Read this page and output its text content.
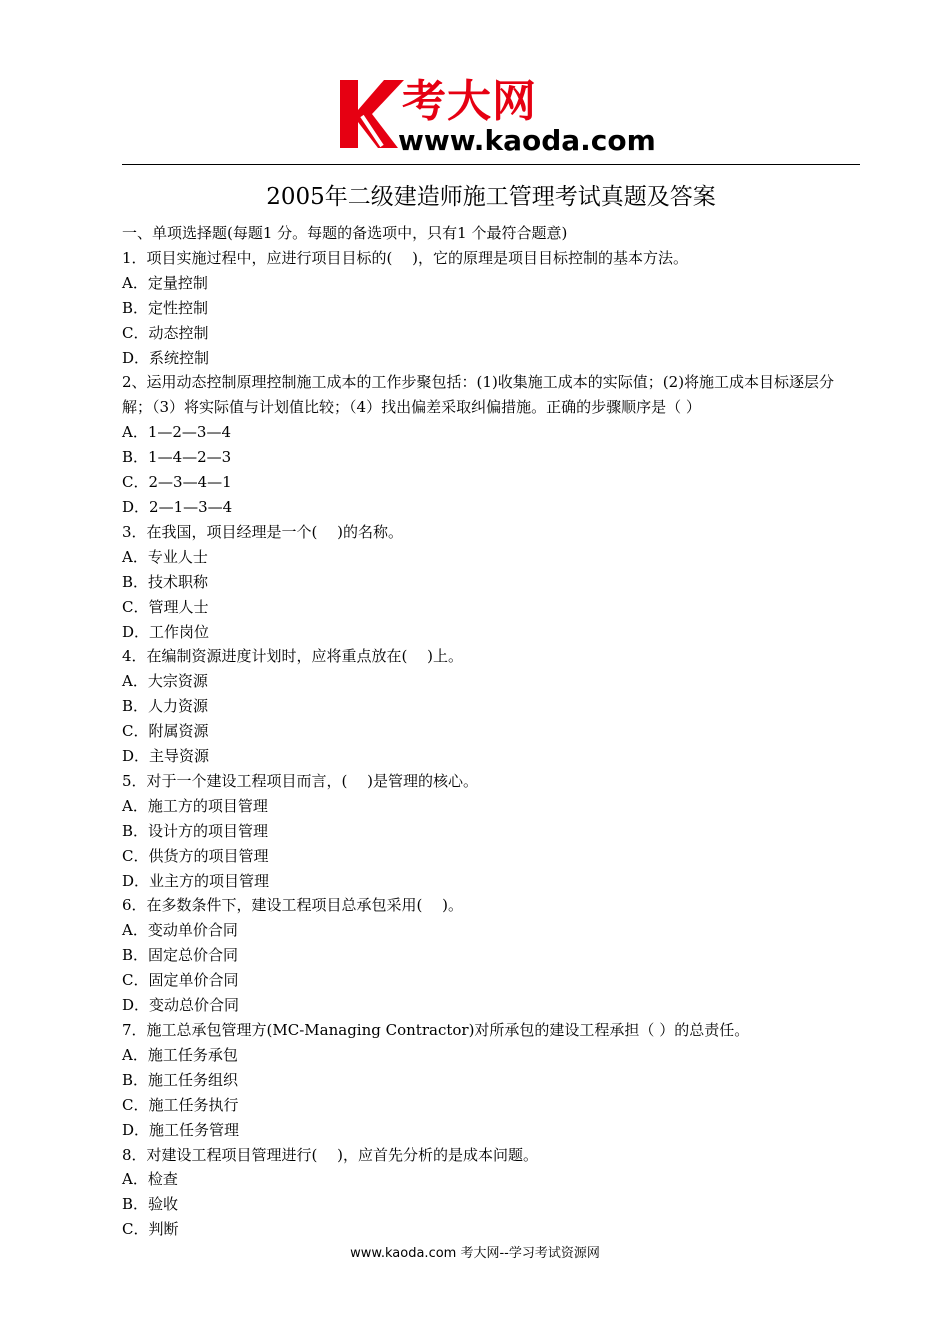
考大网
www.kaoda.com
2005年二级建造师施工管理考试真题及答案

一、单项选择题(每题1 分。每题的备选项中，只有1 个最符合题意)

1．项目实施过程中，应进行项目目标的(　 )，它的原理是项目目标控制的基本方法。

A．定量控制

B．定性控制

C．动态控制

D．系统控制

2、运用动态控制原理控制施工成本的工作步聚包括：(1)收集施工成本的实际值；(2)将施工成本目标逐层分解；（3）将实际值与计划值比较；（4）找出偏差采取纠偏措施。正确的步骤顺序是（ ）

A．1—2—3—4

B．1—4—2—3

C．2—3—4—1

D．2—1—3—4

3．在我国，项目经理是一个(　 )的名称。

A．专业人士

B．技术职称

C．管理人士

D．工作岗位

4．在编制资源进度计划时，应将重点放在(　 )上。

A．大宗资源

B．人力资源

C．附属资源

D．主导资源

5．对于一个建设工程项目而言，(　 )是管理的核心。

A．施工方的项目管理

B．设计方的项目管理

C．供货方的项目管理

D．业主方的项目管理

6．在多数条件下，建设工程项目总承包采用(　 )。

A．变动单价合同

B．固定总价合同

C．固定单价合同

D．变动总价合同

7．施工总承包管理方(MC-Managing Contractor)对所承包的建设工程承担（ ）的总责任。

A．施工任务承包

B．施工任务组织

C．施工任务执行

D．施工任务管理

8．对建设工程项目管理进行(　 )，应首先分析的是成本问题。

A．检查

B．验收

C．判断

www.kaoda.com 考大网--学习考试资源网
